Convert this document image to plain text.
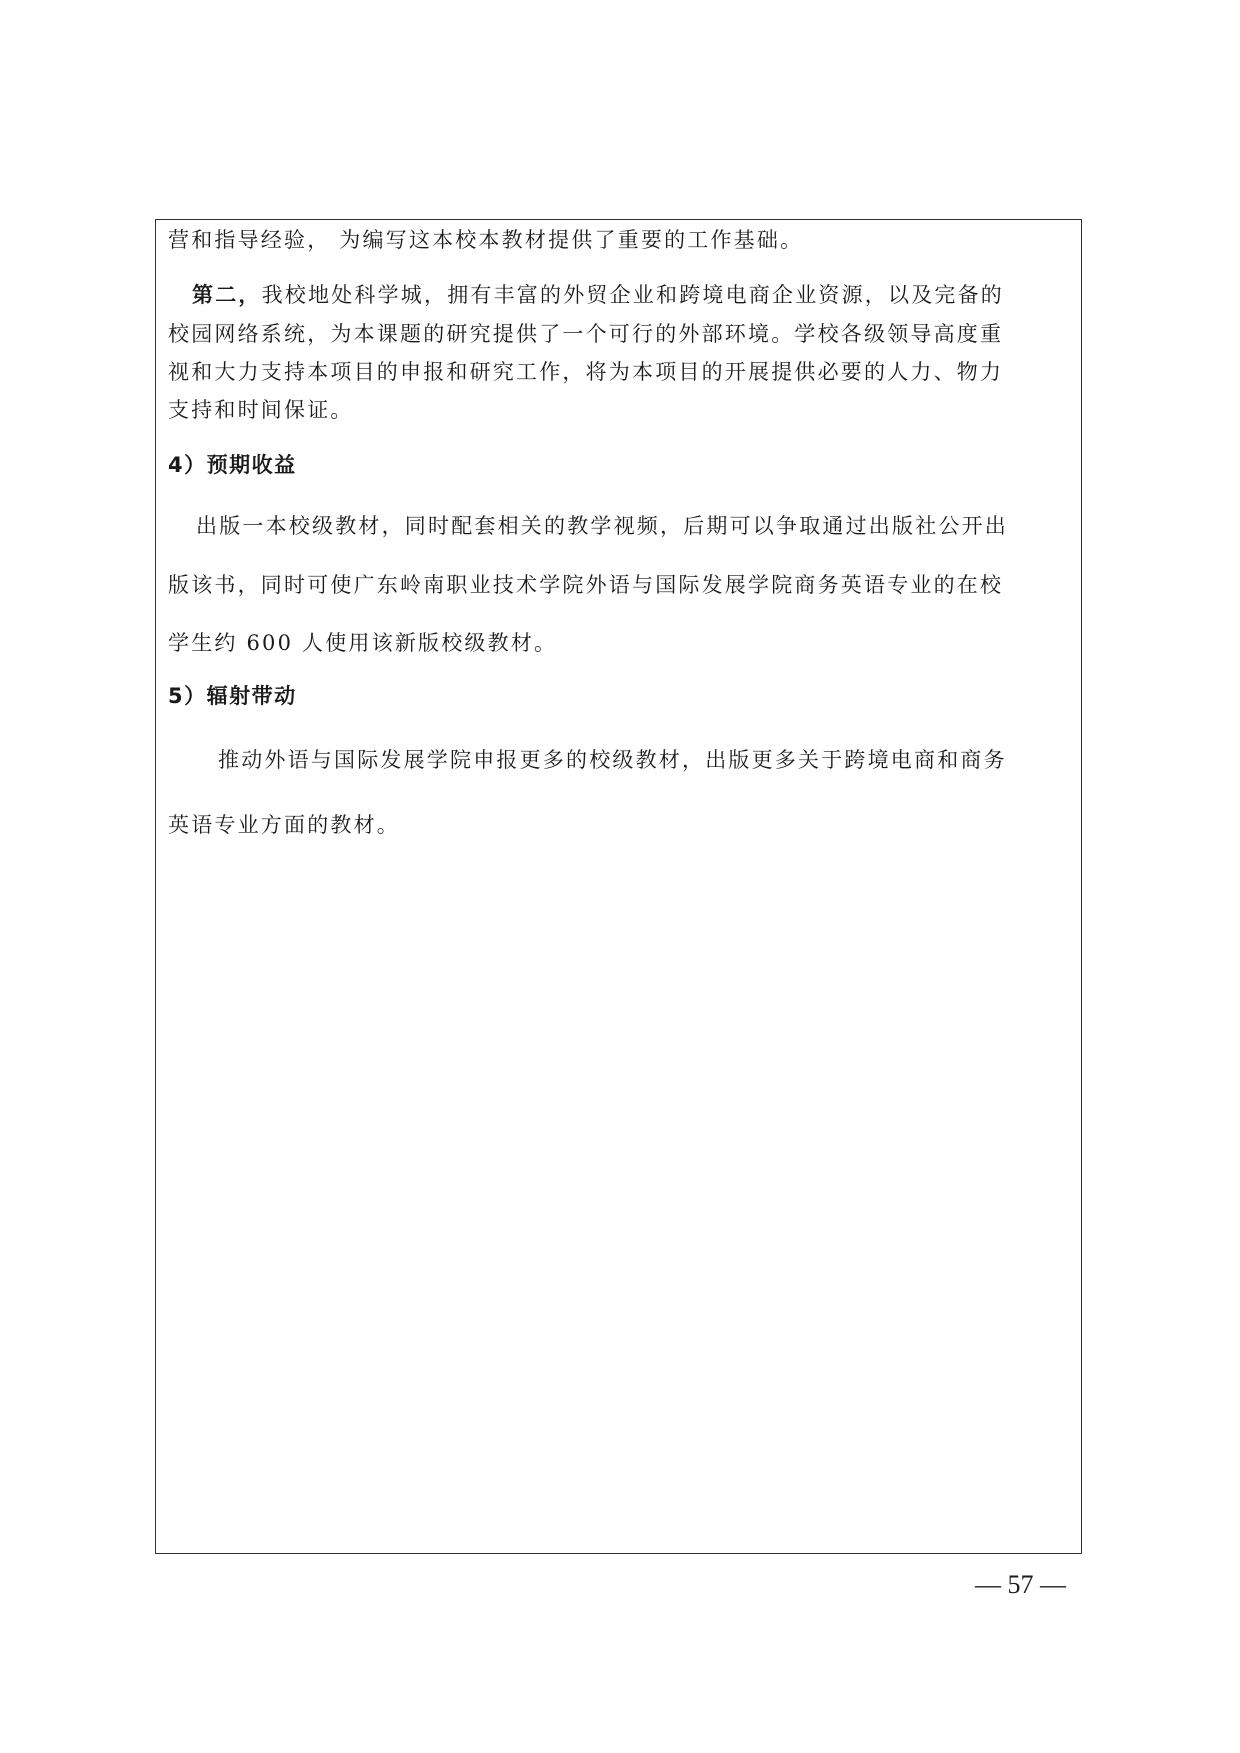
营和指导经验， 为编写这本校本教材提供了重要的工作基础。
第二，我校地处科学城，拥有丰富的外贸企业和跨境电商企业资源，以及完备的
校园网络系统，为本课题的研究提供了一个可行的外部环境。学校各级领导高度重
视和大力支持本项目的申报和研究工作，将为本项目的开展提供必要的人力、物力
支持和时间保证。
4）预期收益
出版一本校级教材，同时配套相关的教学视频，后期可以争取通过出版社公开出
版该书，同时可使广东岭南职业技术学院外语与国际发展学院商务英语专业的在校
学生约 600 人使用该新版校级教材。
5）辐射带动
推动外语与国际发展学院申报更多的校级教材，出版更多关于跨境电商和商务
英语专业方面的教材。
— 57 —
